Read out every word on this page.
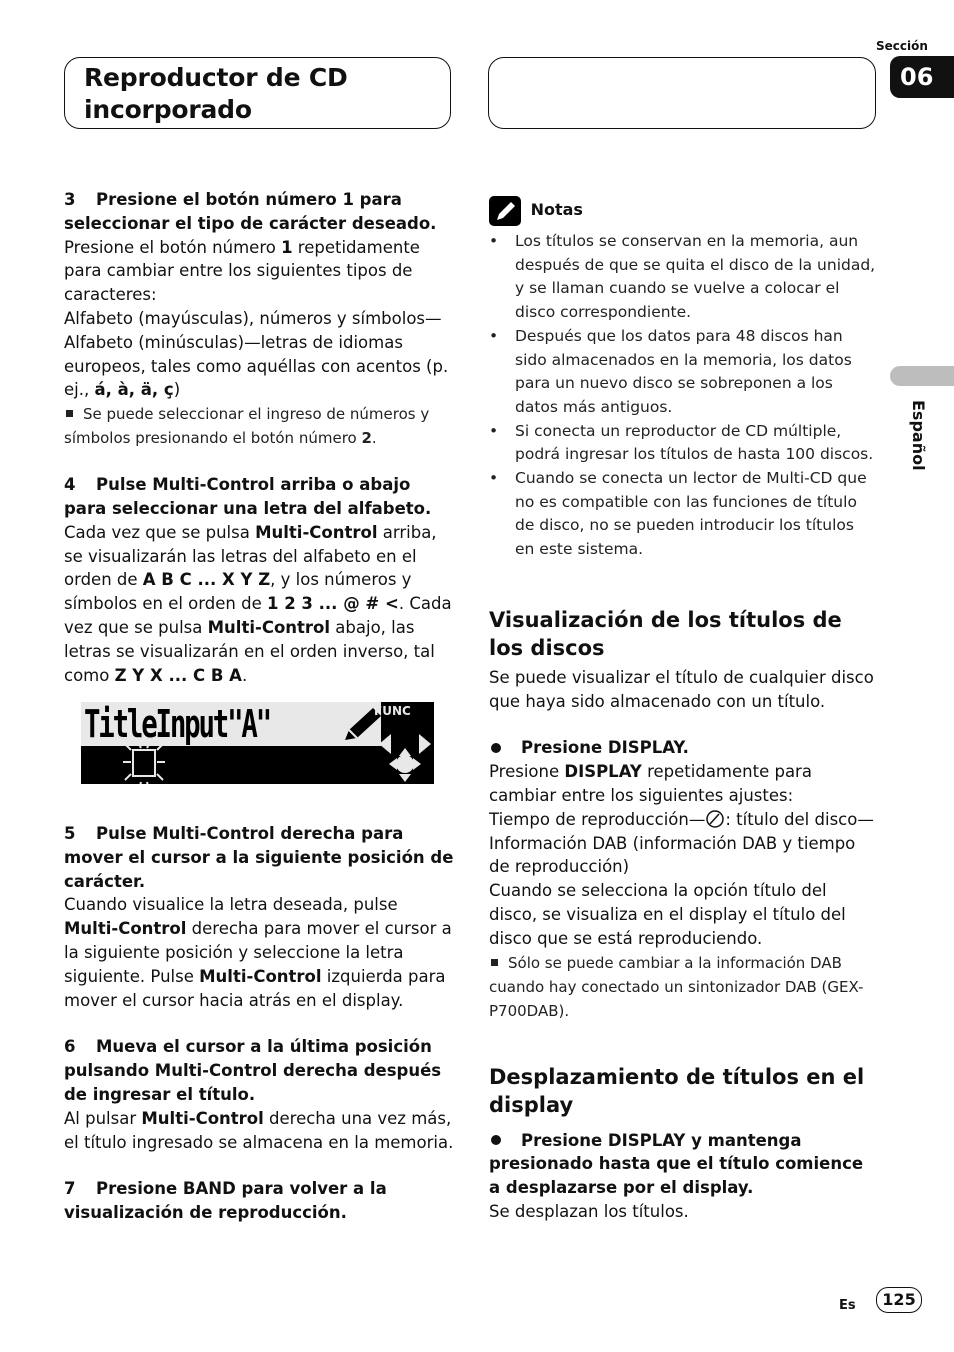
Reproductor de CD incorporado
Sección
06
Español

3 Presione el botón número 1 para seleccionar el tipo de carácter deseado.

Presione el botón número 1 repetidamente para cambiar entre los siguientes tipos de caracteres:

Alfabeto (mayúsculas), números y símbolos—Alfabeto (minúsculas)—letras de idiomas europeos, tales como aquéllas con acentos (p. ej., á, à, ä, ç)

Se puede seleccionar el ingreso de números y símbolos presionando el botón número 2.

4 Pulse Multi-Control arriba o abajo para seleccionar una letra del alfabeto.

Cada vez que se pulsa Multi-Control arriba, se visualizarán las letras del alfabeto en el orden de A B C ... X Y Z, y los números y símbolos en el orden de 1 2 3 ... @ # <. Cada vez que se pulsa Multi-Control abajo, las letras se visualizarán en el orden inverso, tal como Z Y X ... C B A.

TitleInput"A"	FUNC

5 Pulse Multi-Control derecha para mover el cursor a la siguiente posición de carácter.

Cuando visualice la letra deseada, pulse Multi-Control derecha para mover el cursor a la siguiente posición y seleccione la letra siguiente. Pulse Multi-Control izquierda para mover el cursor hacia atrás en el display.

6 Mueva el cursor a la última posición pulsando Multi-Control derecha después de ingresar el título.

Al pulsar Multi-Control derecha una vez más, el título ingresado se almacena en la memoria.

7 Presione BAND para volver a la visualización de reproducción.

Notas

• Los títulos se conservan en la memoria, aun después de que se quita el disco de la unidad, y se llaman cuando se vuelve a colocar el disco correspondiente.
• Después que los datos para 48 discos han sido almacenados en la memoria, los datos para un nuevo disco se sobreponen a los datos más antiguos.
• Si conecta un reproductor de CD múltiple, podrá ingresar los títulos de hasta 100 discos.
• Cuando se conecta un lector de Multi-CD que no es compatible con las funciones de título de disco, no se pueden introducir los títulos en este sistema.

Visualización de los títulos de los discos

Se puede visualizar el título de cualquier disco que haya sido almacenado con un título.

Presione DISPLAY.

Presione DISPLAY repetidamente para cambiar entre los siguientes ajustes:

Tiempo de reproducción— : título del disco—Información DAB (información DAB y tiempo de reproducción)

Cuando se selecciona la opción título del disco, se visualiza en el display el título del disco que se está reproduciendo.

Sólo se puede cambiar a la información DAB cuando hay conectado un sintonizador DAB (GEX-P700DAB).

Desplazamiento de títulos en el display

Presione DISPLAY y mantenga presionado hasta que el título comience a desplazarse por el display.

Se desplazan los títulos.

Es	125
